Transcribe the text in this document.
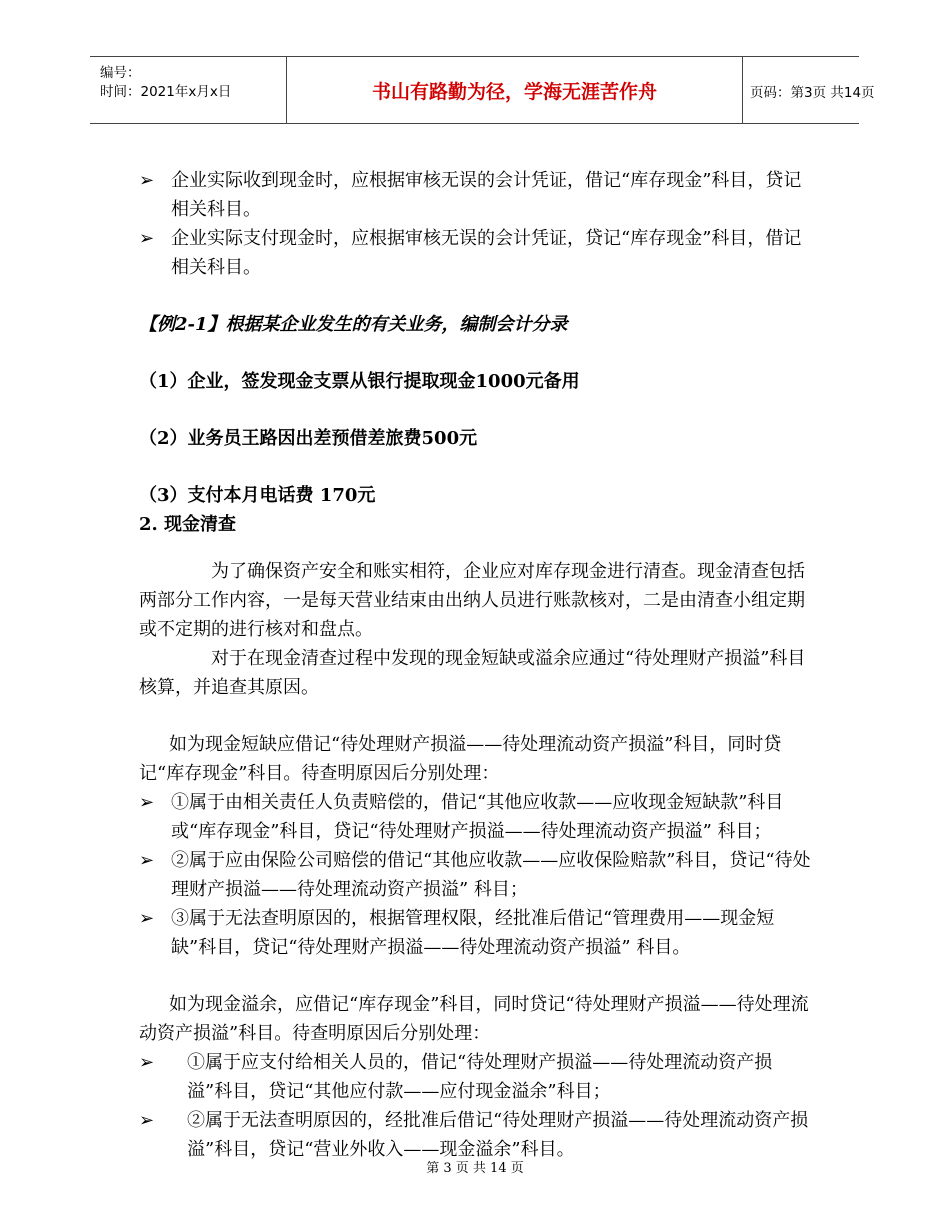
编号：
时间：2021年x月x日	书山有路勤为径，学海无涯苦作舟	页码：第3页 共14页
➢ 企业实际收到现金时，应根据审核无误的会计凭证，借记“库存现金”科目，贷记相关科目。
➢ 企业实际支付现金时，应根据审核无误的会计凭证，贷记“库存现金”科目，借记相关科目。

【例2-1】根据某企业发生的有关业务，编制会计分录

（1）企业，签发现金支票从银行提取现金1000元备用

（2）业务员王路因出差预借差旅费500元

（3）支付本月电话费 170元

2. 现金清查

为了确保资产安全和账实相符，企业应对库存现金进行清查。现金清查包括两部分工作内容，一是每天营业结束由出纳人员进行账款核对，二是由清查小组定期或不定期的进行核对和盘点。

对于在现金清查过程中发现的现金短缺或溢余应通过“待处理财产损溢”科目核算，并追查其原因。

如为现金短缺应借记“待处理财产损溢——待处理流动资产损溢”科目，同时贷记“库存现金”科目。待查明原因后分别处理：

➢ ①属于由相关责任人负责赔偿的，借记“其他应收款——应收现金短缺款”科目或“库存现金”科目，贷记“待处理财产损溢——待处理流动资产损溢” 科目；
➢ ②属于应由保险公司赔偿的借记“其他应收款——应收保险赔款”科目，贷记“待处理财产损溢——待处理流动资产损溢” 科目；
➢ ③属于无法查明原因的，根据管理权限，经批准后借记“管理费用——现金短缺”科目，贷记“待处理财产损溢——待处理流动资产损溢” 科目。

如为现金溢余，应借记“库存现金”科目，同时贷记“待处理财产损溢——待处理流动资产损溢”科目。待查明原因后分别处理：

➢	①属于应支付给相关人员的，借记“待处理财产损溢——待处理流动资产损溢”科目，贷记“其他应付款——应付现金溢余”科目；
➢	②属于无法查明原因的，经批准后借记“待处理财产损溢——待处理流动资产损溢”科目，贷记“营业外收入——现金溢余”科目。
第 3 页 共 14 页
